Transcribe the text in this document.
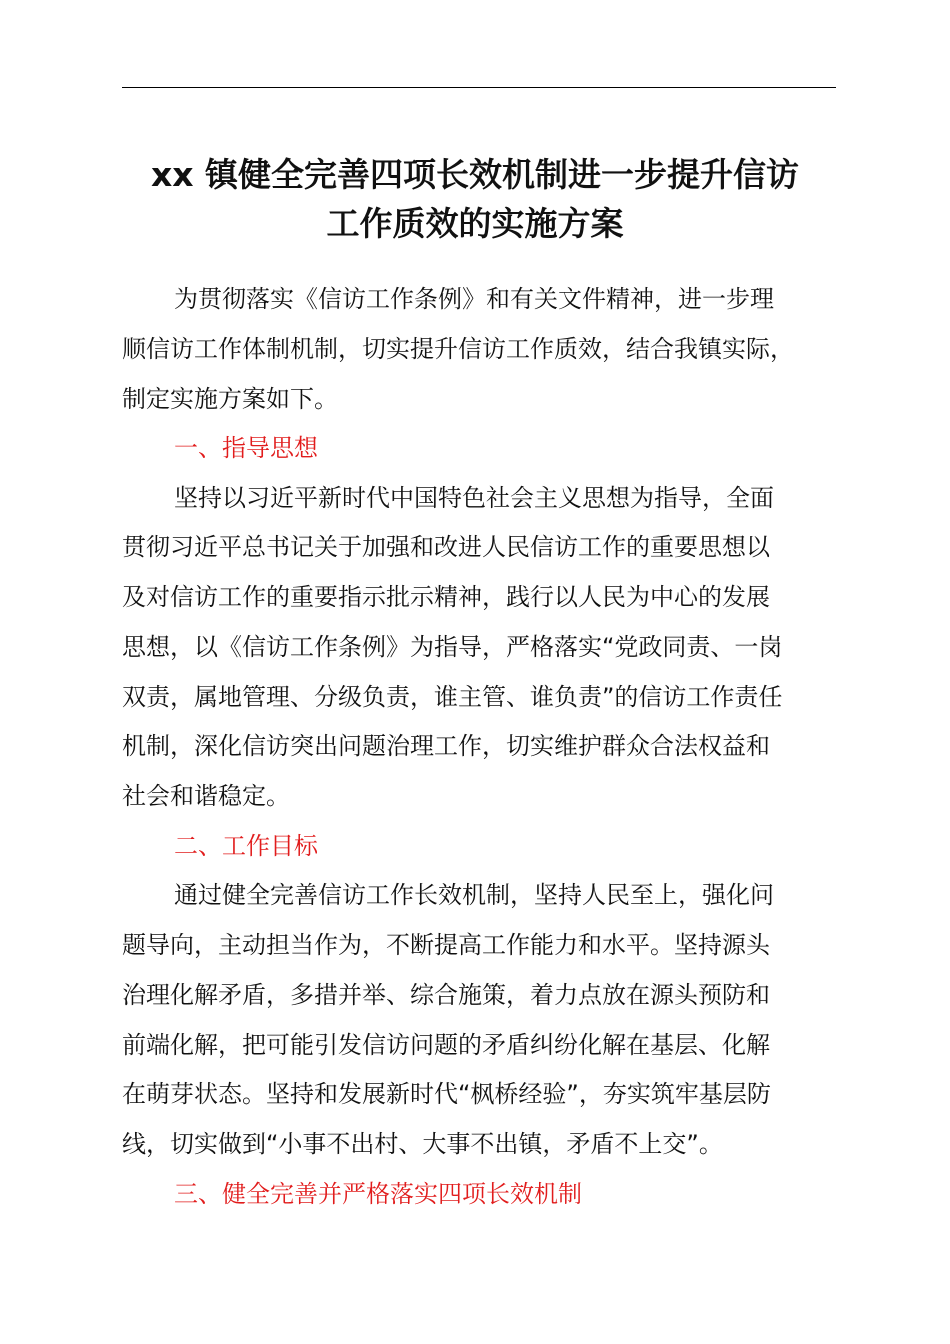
xx 镇健全完善四项长效机制进一步提升信访
工作质效的实施方案
为贯彻落实《信访工作条例》和有关文件精神，进一步理
顺信访工作体制机制，切实提升信访工作质效，结合我镇实际，
制定实施方案如下。
一、指导思想
坚持以习近平新时代中国特色社会主义思想为指导，全面
贯彻习近平总书记关于加强和改进人民信访工作的重要思想以
及对信访工作的重要指示批示精神，践行以人民为中心的发展
思想，以《信访工作条例》为指导，严格落实“党政同责、一岗
双责，属地管理、分级负责，谁主管、谁负责”的信访工作责任
机制，深化信访突出问题治理工作，切实维护群众合法权益和
社会和谐稳定。
二、工作目标
通过健全完善信访工作长效机制，坚持人民至上，强化问
题导向，主动担当作为，不断提高工作能力和水平。坚持源头
治理化解矛盾，多措并举、综合施策，着力点放在源头预防和
前端化解，把可能引发信访问题的矛盾纠纷化解在基层、化解
在萌芽状态。坚持和发展新时代“枫桥经验”，夯实筑牢基层防
线，切实做到“小事不出村、大事不出镇，矛盾不上交”。
三、健全完善并严格落实四项长效机制
